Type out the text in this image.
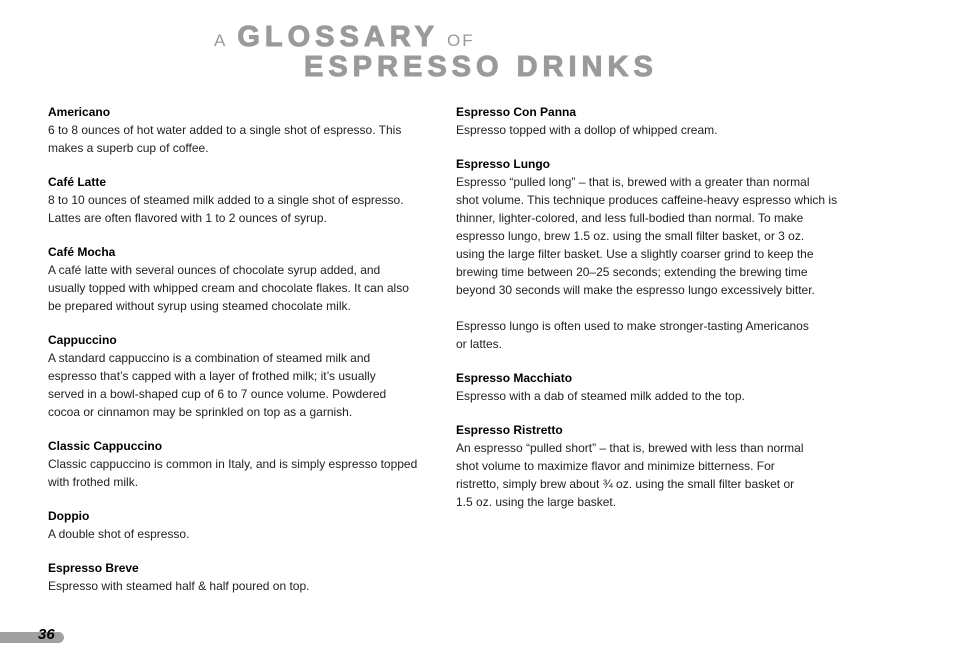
A GLOSSARY OF
ESPRESSO DRINKS
Americano
6 to 8 ounces of hot water added to a single shot of espresso. This
makes a superb cup of coffee.
Café Latte
8 to 10 ounces of steamed milk added to a single shot of espresso.
Lattes are often flavored with 1 to 2 ounces of syrup.
Café Mocha
A café latte with several ounces of chocolate syrup added, and
usually topped with whipped cream and chocolate flakes. It can also
be prepared without syrup using steamed chocolate milk.
Cappuccino
A standard cappuccino is a combination of steamed milk and
espresso that’s capped with a layer of frothed milk; it’s usually
served in a bowl-shaped cup of 6 to 7 ounce volume. Powdered
cocoa or cinnamon may be sprinkled on top as a garnish.
Classic Cappuccino
Classic cappuccino is common in Italy, and is simply espresso topped
with frothed milk.
Doppio
A double shot of espresso.
Espresso Breve
Espresso with steamed half & half poured on top.
Espresso Con Panna
Espresso topped with a dollop of whipped cream.
Espresso Lungo
Espresso “pulled long” – that is, brewed with a greater than normal
shot volume. This technique produces caffeine-heavy espresso which is
thinner, lighter-colored, and less full-bodied than normal. To make
espresso lungo, brew 1.5 oz. using the small filter basket, or 3 oz.
using the large filter basket. Use a slightly coarser grind to keep the
brewing time between 20–25 seconds; extending the brewing time
beyond 30 seconds will make the espresso lungo excessively bitter.
Espresso lungo is often used to make stronger-tasting Americanos
or lattes.
Espresso Macchiato
Espresso with a dab of steamed milk added to the top.
Espresso Ristretto
An espresso “pulled short” – that is, brewed with less than normal
shot volume to maximize flavor and minimize bitterness. For
ristretto, simply brew about ¾ oz. using the small filter basket or
1.5 oz. using the large basket.
36
